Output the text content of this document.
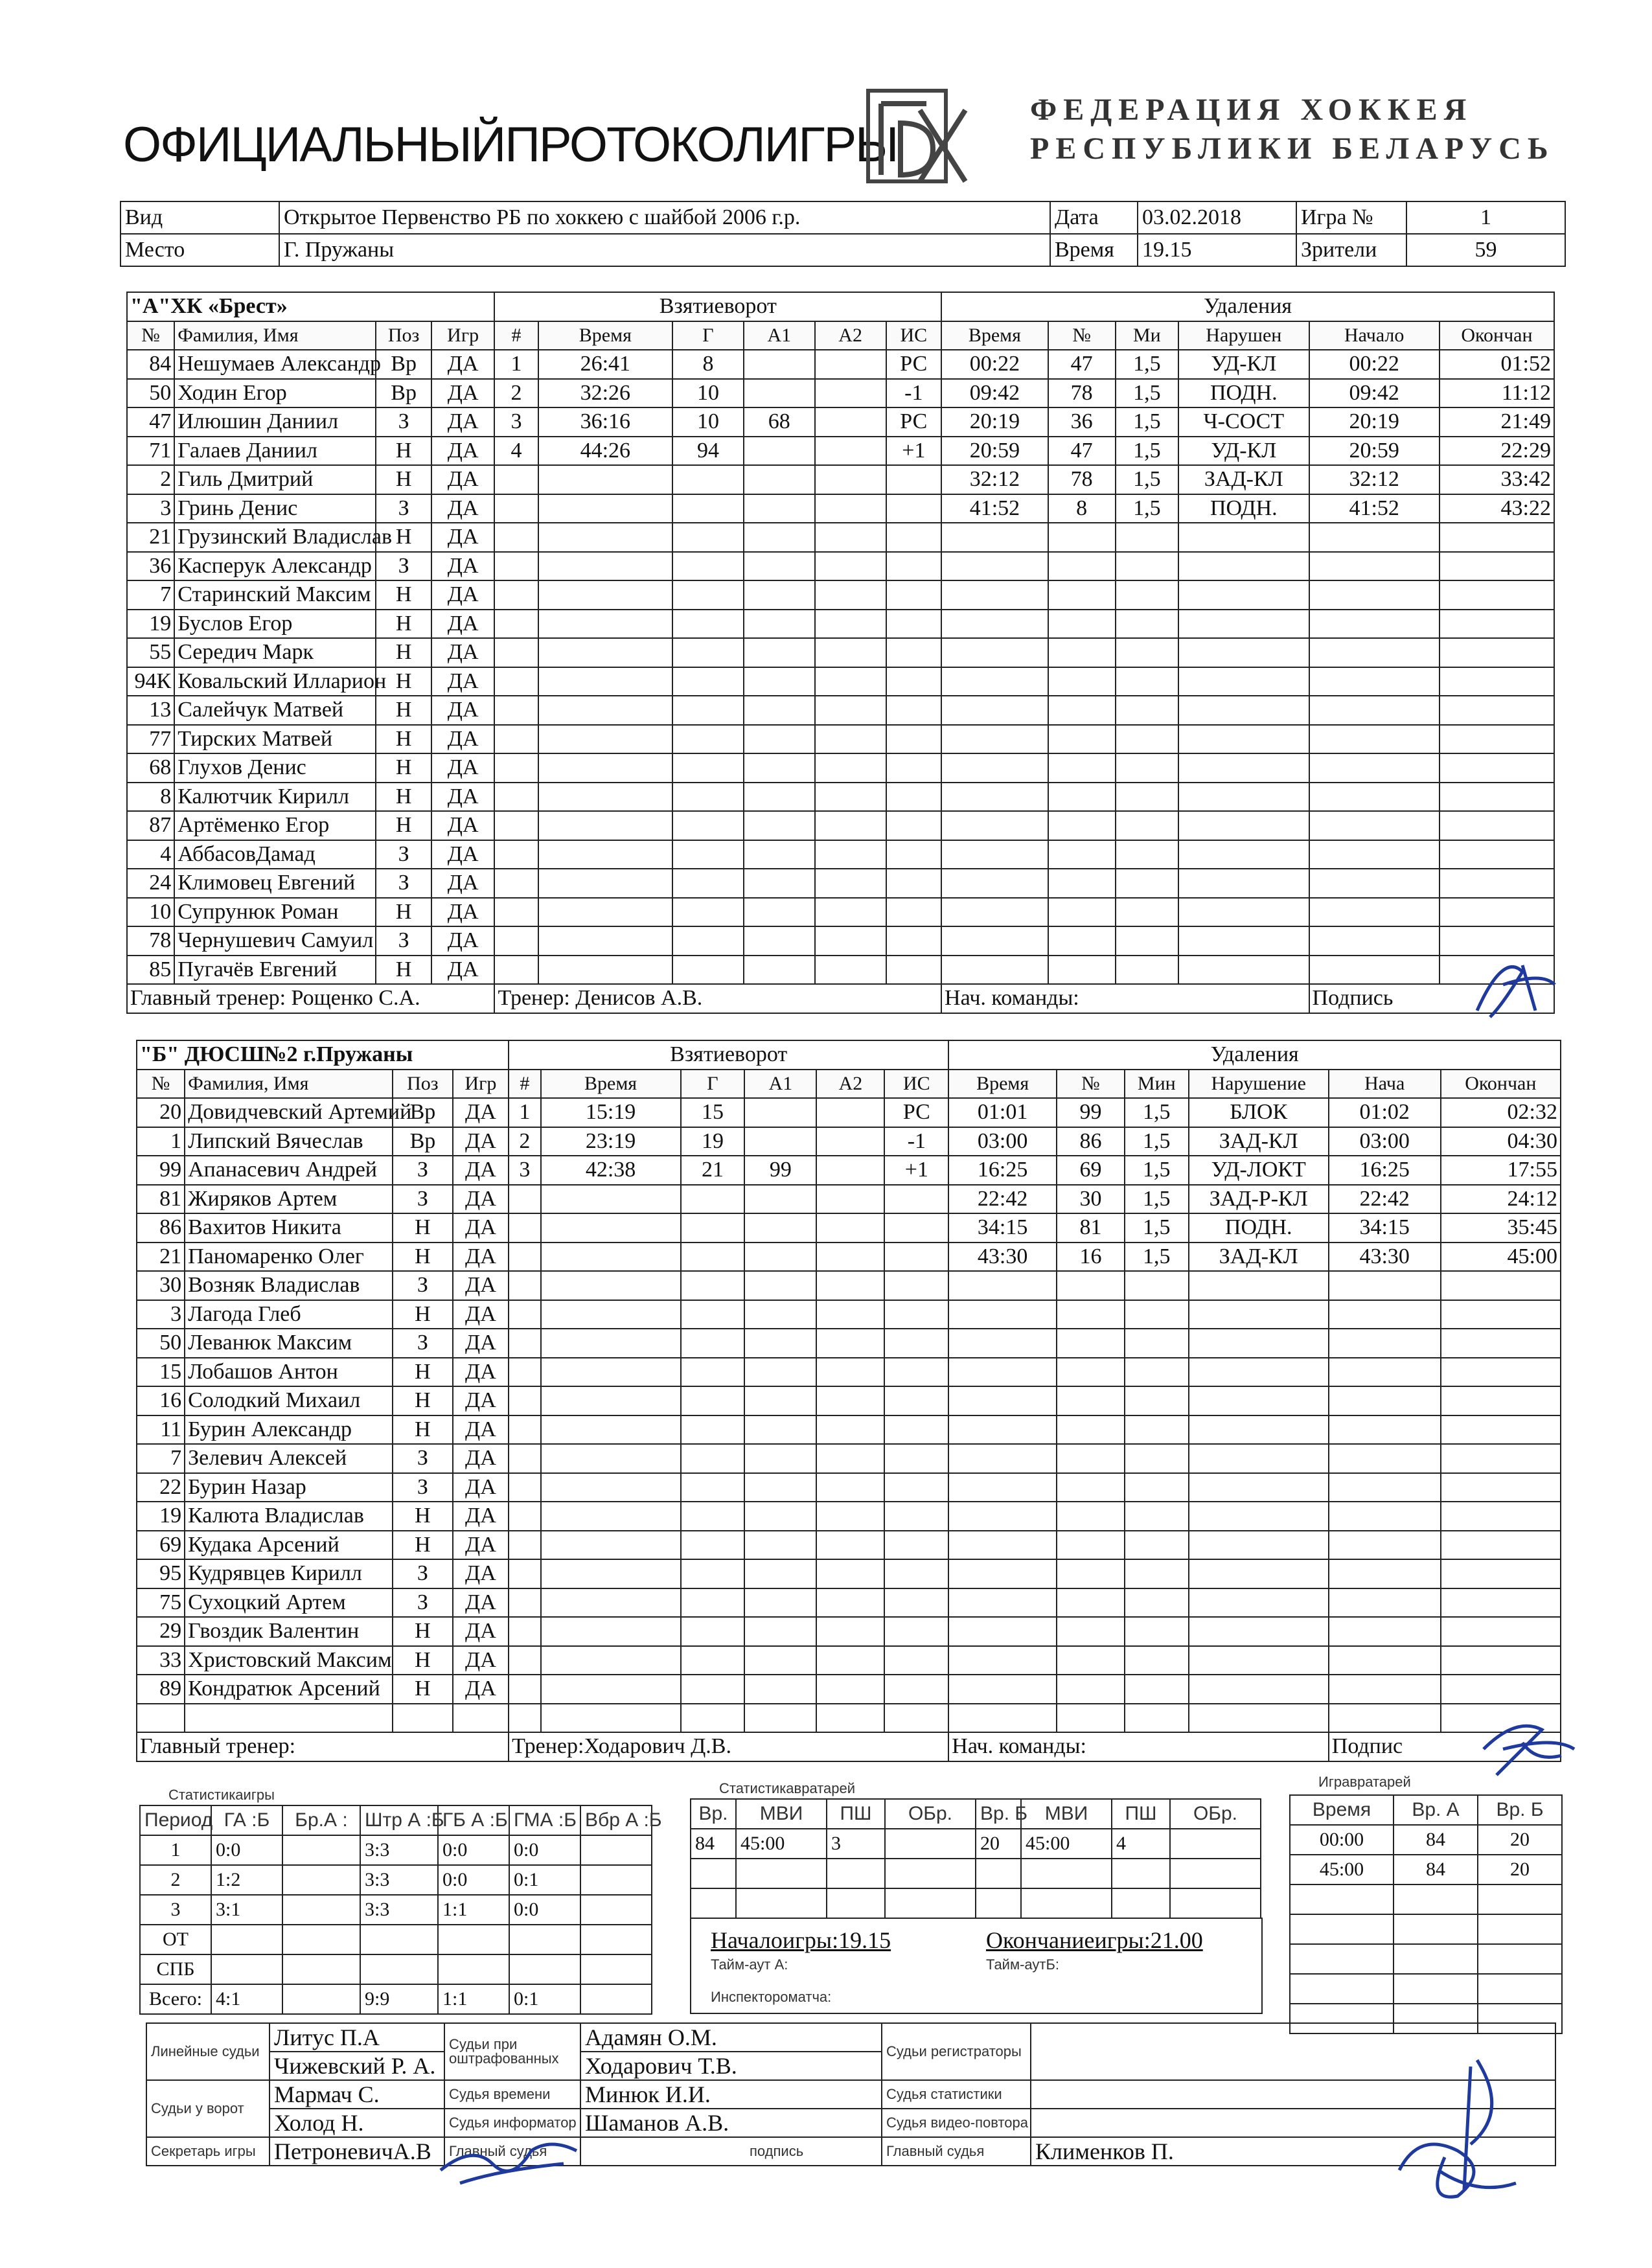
ОФИЦИАЛЬНЫЙПРОТОКОЛИГРЫ
ФЕДЕРАЦИЯ ХОККЕЯ
РЕСПУБЛИКИ БЕЛАРУСЬ
Вид	Открытое Первенство РБ по хоккею с шайбой 2006 г.р.	Дата	03.02.2018	Игра №	1
Место	Г. Пружаны	Время	19.15	Зрители	59
"А"ХК «Брест»				Взятиеворот						Удаления					
№	Фамилия, Имя	Поз	Игр	#	Время	Г	А1	А2	ИС	Время	№	Ми	Нарушен	Начало	Окончан
84	Нешумаев Александр	Вр	ДА	1	26:41	8			РС	00:22	47	1,5	УД-КЛ	00:22	01:52
50	Ходин Егор	Вр	ДА	2	32:26	10			-1	09:42	78	1,5	ПОДН.	09:42	11:12
47	Илюшин Даниил	З	ДА	3	36:16	10	68		РС	20:19	36	1,5	Ч-СОСТ	20:19	21:49
71	Галаев Даниил	Н	ДА	4	44:26	94			+1	20:59	47	1,5	УД-КЛ	20:59	22:29
2	Гиль Дмитрий	Н	ДА							32:12	78	1,5	ЗАД-КЛ	32:12	33:42
3	Гринь Денис	З	ДА							41:52	8	1,5	ПОДН.	41:52	43:22
21	Грузинский Владислав	Н	ДА												
36	Касперук Александр	З	ДА												
7	Старинский Максим	Н	ДА												
19	Буслов Егор	Н	ДА												
55	Середич Марк	Н	ДА												
94К	Ковальский Илларион	Н	ДА												
13	Салейчук Матвей	Н	ДА												
77	Тирских Матвей	Н	ДА												
68	Глухов Денис	Н	ДА												
8	Калютчик Кирилл	Н	ДА												
87	Артёменко Егор	Н	ДА												
4	АббасовДамад	З	ДА												
24	Климовец Евгений	З	ДА												
10	Супрунюк Роман	Н	ДА												
78	Чернушевич Самуил	З	ДА												
85	Пугачёв Евгений	Н	ДА												
Главный тренер: Рощенко С.А.				Тренер: Денисов А.В.						Нач. команды:				Подпись	
"Б" ДЮСШ№2 г.Пружаны				Взятиеворот						Удаления					
№	Фамилия, Имя	Поз	Игр	#	Время	Г	А1	А2	ИС	Время	№	Мин	Нарушение	Нача	Окончан
20	Довидчевский Артемий	Вр	ДА	1	15:19	15			РС	01:01	99	1,5	БЛОК	01:02	02:32
1	Липский Вячеслав	Вр	ДА	2	23:19	19			-1	03:00	86	1,5	ЗАД-КЛ	03:00	04:30
99	Апанасевич Андрей	З	ДА	3	42:38	21	99		+1	16:25	69	1,5	УД-ЛОКТ	16:25	17:55
81	Жиряков Артем	З	ДА							22:42	30	1,5	ЗАД-Р-КЛ	22:42	24:12
86	Вахитов Никита	Н	ДА							34:15	81	1,5	ПОДН.	34:15	35:45
21	Паномаренко Олег	Н	ДА							43:30	16	1,5	ЗАД-КЛ	43:30	45:00
30	Возняк Владислав	З	ДА												
3	Лагода Глеб	Н	ДА												
50	Леванюк Максим	З	ДА												
15	Лобашов Антон	Н	ДА												
16	Солодкий Михаил	Н	ДА												
11	Бурин Александр	Н	ДА												
7	Зелевич Алексей	З	ДА												
22	Бурин Назар	З	ДА												
19	Калюта Владислав	Н	ДА												
69	Кудака Арсений	Н	ДА												
95	Кудрявцев Кирилл	З	ДА												
75	Сухоцкий Артем	З	ДА												
29	Гвоздик Валентин	Н	ДА												
33	Христовский Максим	Н	ДА												
89	Кондратюк Арсений	Н	ДА												

Главный тренер:				Тренер:Ходарович Д.В.						Нач. команды:				Подпис	
Статистикаигры
Период	ГА :Б	Бр.А :	Штр А :Б	ГБ А :Б	ГМА :Б	Вбр А :Б
1	0:0		3:3	0:0	0:0	
2	1:2		3:3	0:0	0:1	
3	3:1		3:3	1:1	0:0	
ОТ						
СПБ						
Всего:	4:1		9:9	1:1	0:1	
Статистикавратарей
Вр.	МВИ	ПШ	ОБр.	Вр. Б	МВИ	ПШ	ОБр.
84	45:00	3		20	45:00	4	

Началоигры:19.15	Окончаниеигры:21.00
Тайм-аут А:	Тайм-аутБ:
Инспектороматча:
Игравратарей
Время	Вр. А	Вр. Б
00:00	84	20
45:00	84	20

Линейные судьи	Литус П.А	Судьи при оштрафованных	Адамян О.М.	Судьи регистраторы	
	Чижевский Р. А.		Ходарович Т.В.		
Судьи у ворот	Мармач С.	Судья времени	Минюк И.И.	Судья статистики	
	Холод Н.	Судья информатор	Шаманов А.В.	Судья видео-повтора	
Секретарь игры	ПетроневичА.В	Главный судья	подпись	Главный судья	Клименков П.
